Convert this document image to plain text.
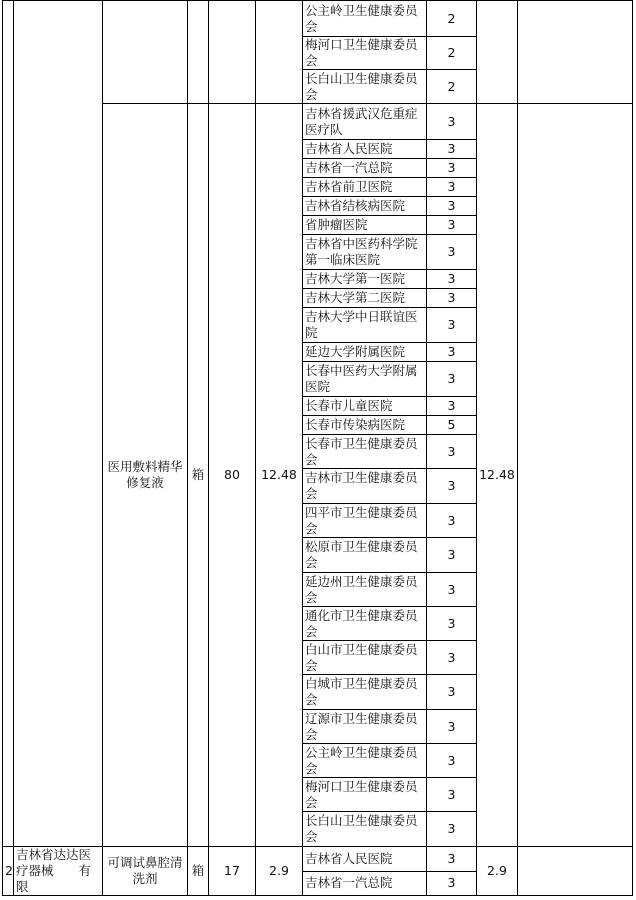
						公主岭卫生健康委员会	2		

						梅河口卫生健康委员会	2		

						长白山卫生健康委员会	2		
		医用敷料精华修复液	箱	80	12.48	吉林省援武汉危重症医疗队	3	12.48	

						吉林省人民医院	3		

						吉林省一汽总院	3		

						吉林省前卫医院	3		

						吉林省结核病医院	3		

						省肿瘤医院	3		

						吉林省中医药科学院第一临床医院	3		

						吉林大学第一医院	3		

						吉林大学第二医院	3		

						吉林大学中日联谊医院	3		

						延边大学附属医院	3		

						长春中医药大学附属医院	3		

						长春市儿童医院	3		

						长春市传染病医院	5		

						长春市卫生健康委员会	3		

						吉林市卫生健康委员会	3		

						四平市卫生健康委员会	3		

						松原市卫生健康委员会	3		

						延边州卫生健康委员会	3		

						通化市卫生健康委员会	3		

						白山市卫生健康委员会	3		

						白城市卫生健康委员会	3		

						辽源市卫生健康委员会	3		

						公主岭卫生健康委员会	3		

						梅河口卫生健康委员会	3		

						长白山卫生健康委员会	3		
2	吉林省达达医疗器械　　有限	可调试鼻腔清洗剂	箱	17	2.9	吉林省人民医院	3	2.9	

						吉林省一汽总院	3		
